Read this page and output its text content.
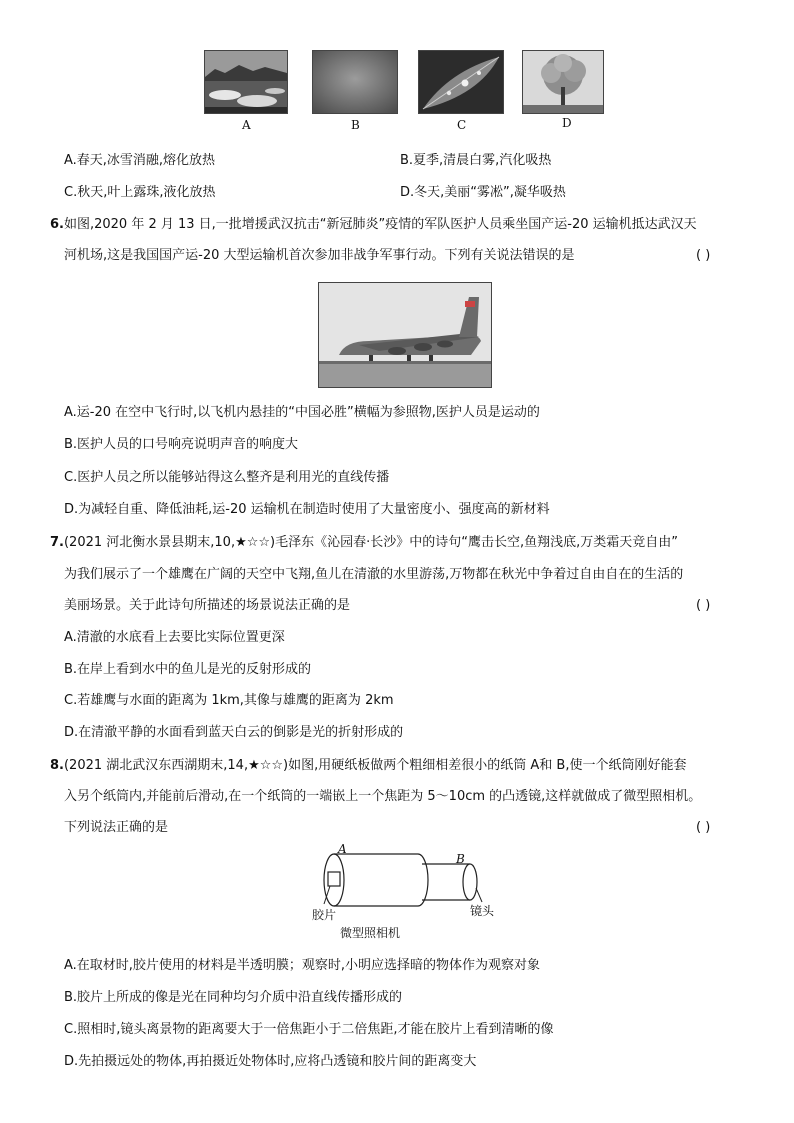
A	B	C	D
A.春天,冰雪消融,熔化放热	B.夏季,清晨白雾,汽化吸热
C.秋天,叶上露珠,液化放热	D.冬天,美丽“雾凇”,凝华吸热
6.如图,2020 年 2 月 13 日,一批增援武汉抗击“新冠肺炎”疫情的军队医护人员乘坐国产运-20 运输机抵达武汉天
河机场,这是我国国产运-20 大型运输机首次参加非战争军事行动。下列有关说法错误的是	( )
A.运-20 在空中飞行时,以飞机内悬挂的“中国必胜”横幅为参照物,医护人员是运动的
B.医护人员的口号响亮说明声音的响度大
C.医护人员之所以能够站得这么整齐是利用光的直线传播
D.为减轻自重、降低油耗,运-20 运输机在制造时使用了大量密度小、强度高的新材料
7.(2021 河北衡水景县期末,10,★☆☆)毛泽东《沁园春·长沙》中的诗句“鹰击长空,鱼翔浅底,万类霜天竞自由”
为我们展示了一个雄鹰在广阔的天空中飞翔,鱼儿在清澈的水里游荡,万物都在秋光中争着过自由自在的生活的
美丽场景。关于此诗句所描述的场景说法正确的是	( )
A.清澈的水底看上去要比实际位置更深
B.在岸上看到水中的鱼儿是光的反射形成的
C.若雄鹰与水面的距离为 1km,其像与雄鹰的距离为 2km
D.在清澈平静的水面看到蓝天白云的倒影是光的折射形成的
8.(2021 湖北武汉东西湖期末,14,★☆☆)如图,用硬纸板做两个粗细相差很小的纸筒 A和 B,使一个纸筒刚好能套
入另个纸筒内,并能前后滑动,在一个纸筒的一端嵌上一个焦距为 5～10cm 的凸透镜,这样就做成了微型照相机。
下列说法正确的是	( )
A
B
胶片	镜头
微型照相机
A.在取材时,胶片使用的材料是半透明膜；观察时,小明应选择暗的物体作为观察对象
B.胶片上所成的像是光在同种均匀介质中沿直线传播形成的
C.照相时,镜头离景物的距离要大于一倍焦距小于二倍焦距,才能在胶片上看到清晰的像
D.先拍摄远处的物体,再拍摄近处物体时,应将凸透镜和胶片间的距离变大
